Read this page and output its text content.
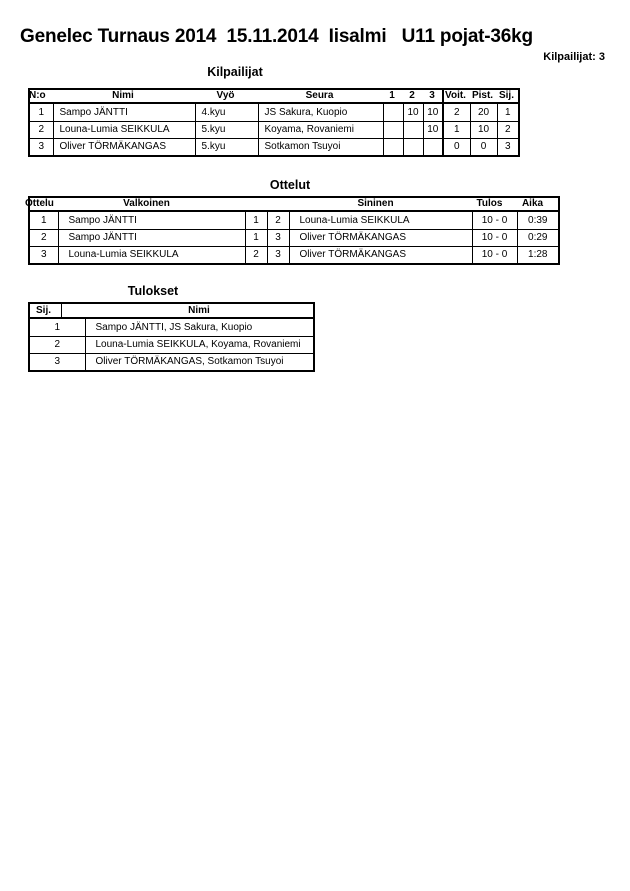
Genelec Turnaus 2014  15.11.2014  Iisalmi   U11 pojat-36kg
Kilpailijat: 3
Kilpailijat
N:o	Nimi	Vyö	Seura	1	2	3	Voit. Pist. Sij.
1	Sampo JÄNTTI	4.kyu	JS Sakura, Kuopio		10	10	2	20	1
2	Louna-Lumia SEIKKULA	5.kyu	Koyama, Rovaniemi			10	1	10	2
3	Oliver TÖRMÄKANGAS	5.kyu	Sotkamon Tsuyoi				0	0	3
Ottelut
Ottelu	Valkoinen	Sininen	Tulos	Aika
1	Sampo JÄNTTI	1	2	Louna-Lumia SEIKKULA	10 - 0	0:39
2	Sampo JÄNTTI	1	3	Oliver TÖRMÄKANGAS	10 - 0	0:29
3	Louna-Lumia SEIKKULA	2	3	Oliver TÖRMÄKANGAS	10 - 0	1:28
Tulokset
Sij.	Nimi
1	Sampo JÄNTTI, JS Sakura, Kuopio
2	Louna-Lumia SEIKKULA, Koyama, Rovaniemi
3	Oliver TÖRMÄKANGAS, Sotkamon Tsuyoi
